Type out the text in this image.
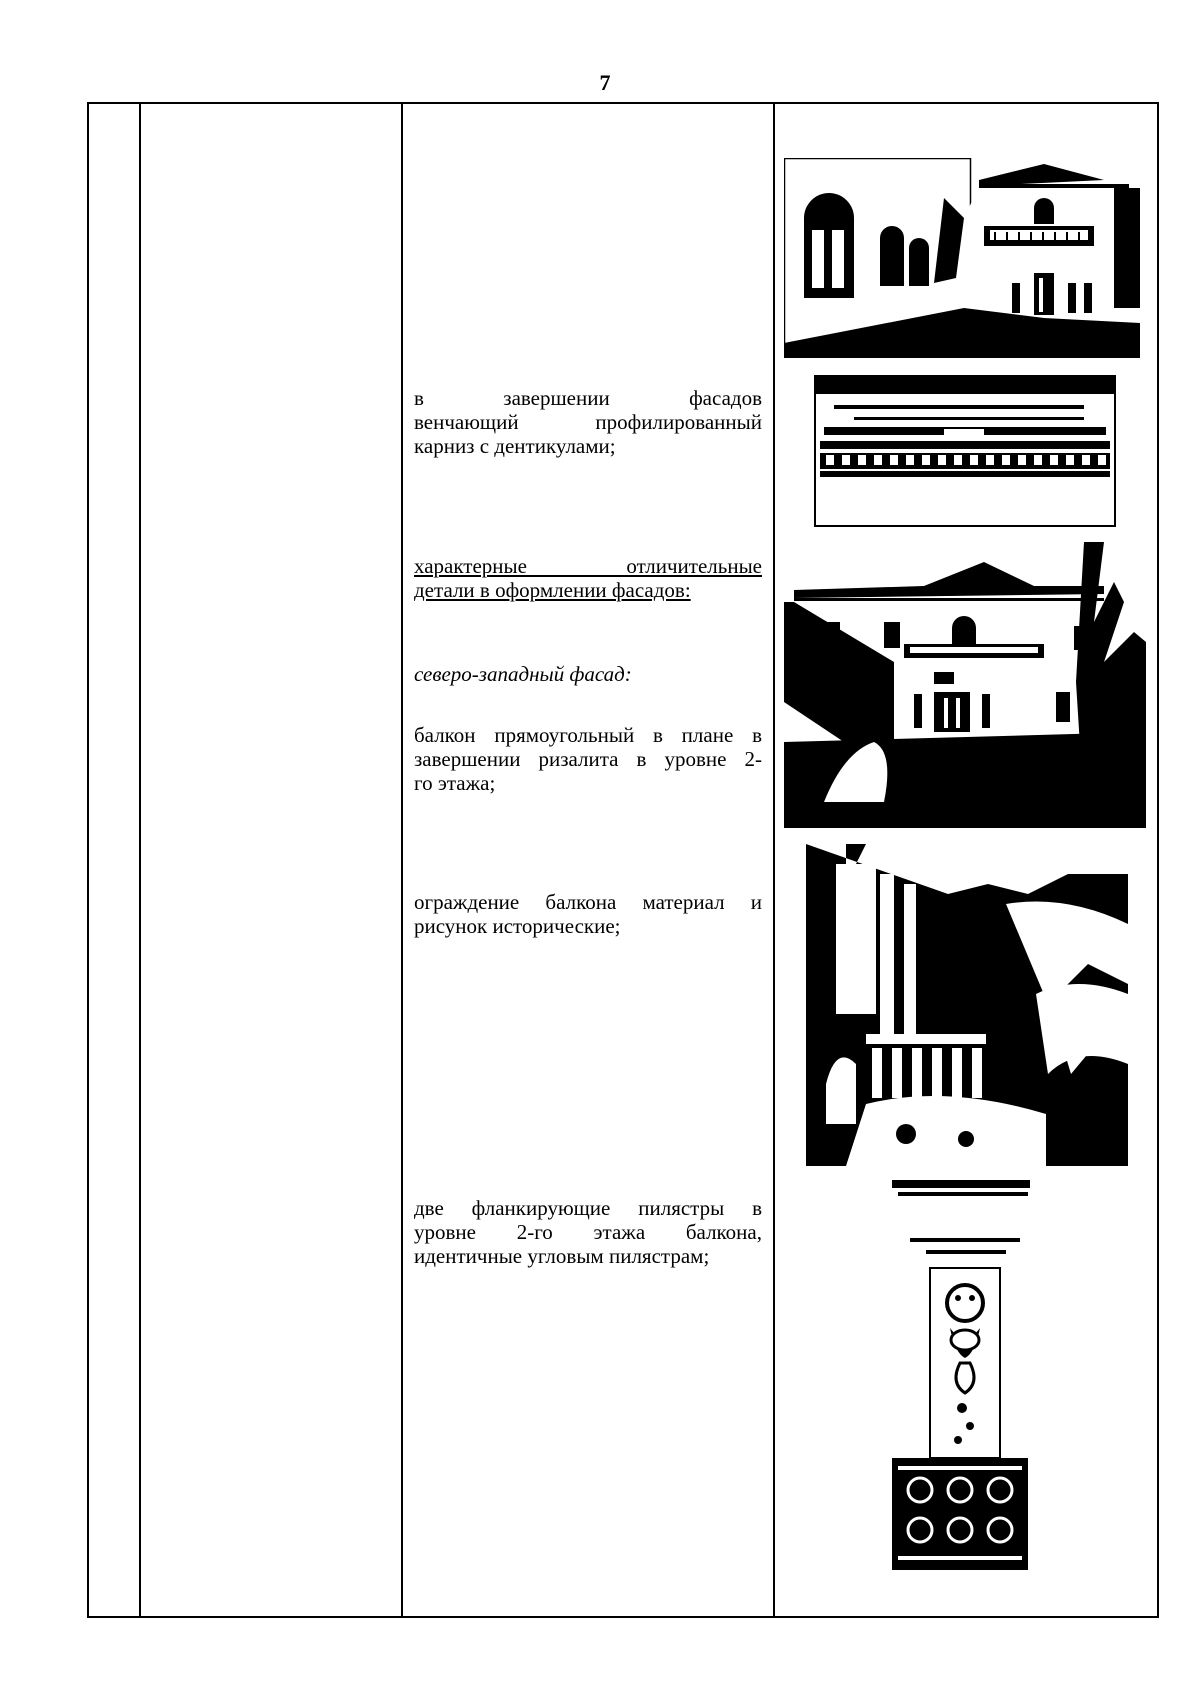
7
в завершении фасадов
венчающий профилированный
карниз с дентикулами;
характерные отличительные
детали в оформлении фасадов:
северо-западный фасад:
балкон прямоугольный в плане в
завершении ризалита в уровне 2-
го этажа;
ограждение балкона материал и
рисунок исторические;
две фланкирующие пилястры в
уровне 2-го этажа балкона,
идентичные угловым пилястрам;
